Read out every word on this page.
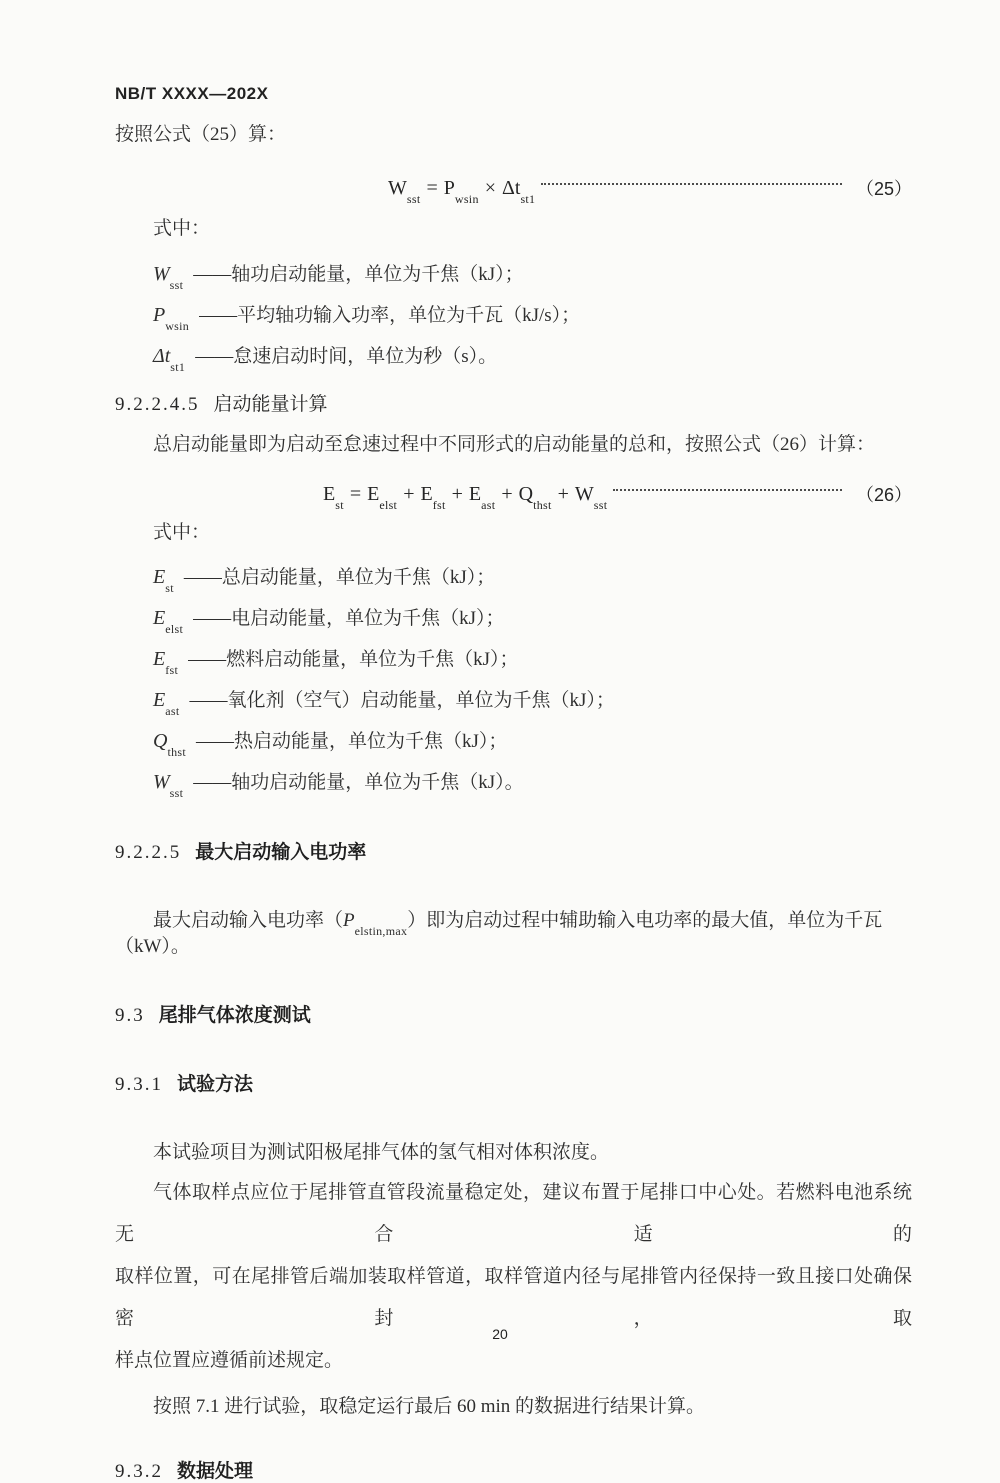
NB/T XXXX—202X
按照公式（25）算：
$W_{sst} = P_{wsin} \times \Delta t_{st1}$	（25）
式中：
$W_{sst}$ ——轴功启动能量，单位为千焦（kJ）；
$P_{wsin}$ ——平均轴功输入功率，单位为千瓦（kJ/s）；
$\Delta t_{st1}$ ——怠速启动时间，单位为秒（s）。
9.2.2.4.5 启动能量计算
总启动能量即为启动至怠速过程中不同形式的启动能量的总和，按照公式（26）计算：
$E_{st} = E_{elst} + E_{fst} + E_{ast} + Q_{thst} + W_{sst}$	（26）
式中：
$E_{st}$ ——总启动能量，单位为千焦（kJ）；
$E_{elst}$ ——电启动能量，单位为千焦（kJ）；
$E_{fst}$ ——燃料启动能量，单位为千焦（kJ）；
$E_{ast}$ ——氧化剂（空气）启动能量，单位为千焦（kJ）；
$Q_{thst}$ ——热启动能量，单位为千焦（kJ）；
$W_{sst}$ ——轴功启动能量，单位为千焦（kJ）。
9.2.2.5 最大启动输入电功率
最大启动输入电功率$(P_{elstin,max})$即为启动过程中辅助输入电功率的最大值，单位为千瓦（kW）。
9.3 尾排气体浓度测试
9.3.1 试验方法
本试验项目为测试阳极尾排气体的氢气相对体积浓度。
气体取样点应位于尾排管直管段流量稳定处，建议布置于尾排口中心处。若燃料电池系统无合适的
取样位置，可在尾排管后端加装取样管道，取样管道内径与尾排管内径保持一致且接口处确保密封，取
样点位置应遵循前述规定。
按照 7.1 进行试验，取稳定运行最后 60 min 的数据进行结果计算。
9.3.2 数据处理
20
